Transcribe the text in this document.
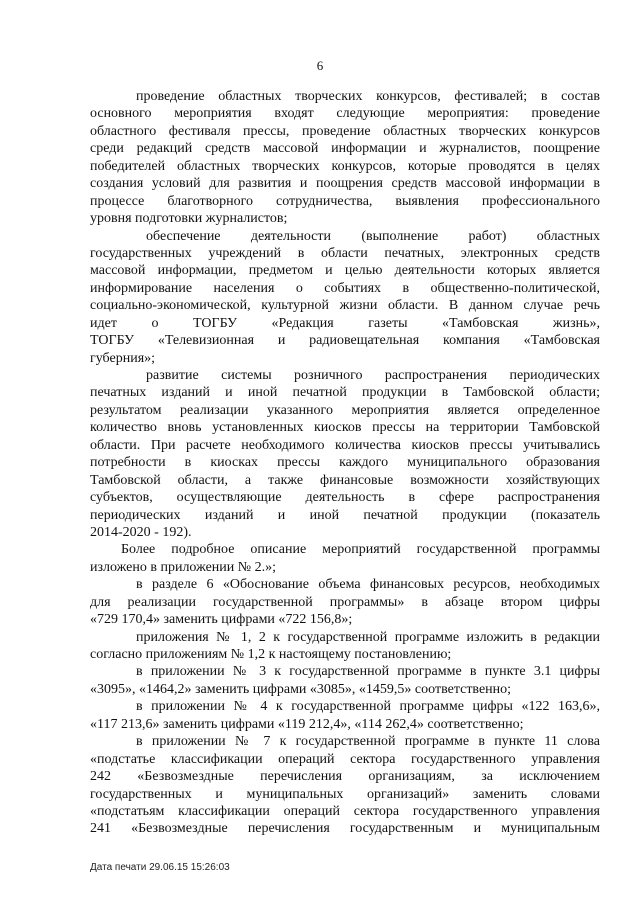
6
проведение областных творческих конкурсов, фестивалей; в состав
основного мероприятия входят следующие мероприятия: проведение
областного фестиваля прессы, проведение областных творческих конкурсов
среди редакций средств массовой информации и журналистов, поощрение
победителей областных творческих конкурсов, которые проводятся в целях
создания условий для развития и поощрения средств массовой информации в
процессе благотворного сотрудничества, выявления профессионального
уровня подготовки журналистов;
обеспечение деятельности (выполнение работ) областных
государственных учреждений в области печатных, электронных средств
массовой информации, предметом и целью деятельности которых является
информирование населения о событиях в общественно-политической,
социально-экономической, культурной жизни области. В данном случае речь
идет о ТОГБУ «Редакция газеты «Тамбовская жизнь»,
ТОГБУ «Телевизионная и радиовещательная компания «Тамбовская
губерния»;
развитие системы розничного распространения периодических
печатных изданий и иной печатной продукции в Тамбовской области;
результатом реализации указанного мероприятия является определенное
количество вновь установленных киосков прессы на территории Тамбовской
области. При расчете необходимого количества киосков прессы учитывались
потребности в киосках прессы каждого муниципального образования
Тамбовской области, а также финансовые возможности хозяйствующих
субъектов, осуществляющие деятельность в сфере распространения
периодических изданий и иной печатной продукции (показатель
2014-2020 - 192).
Более подробное описание мероприятий государственной программы
изложено в приложении № 2.»;
в разделе 6 «Обоснование объема финансовых ресурсов, необходимых
для реализации государственной программы» в абзаце втором цифры
«729 170,4» заменить цифрами «722 156,8»;
приложения № 1, 2 к государственной программе изложить в редакции
согласно приложениям № 1,2 к настоящему постановлению;
в приложении № 3 к государственной программе в пункте 3.1 цифры
«3095», «1464,2» заменить цифрами «3085», «1459,5» соответственно;
в приложении № 4 к государственной программе цифры «122 163,6»,
«117 213,6» заменить цифрами «119 212,4», «114 262,4» соответственно;
в приложении № 7 к государственной программе в пункте 11 слова
«подстатье классификации операций сектора государственного управления
242 «Безвозмездные перечисления организациям, за исключением
государственных и муниципальных организаций» заменить словами
«подстатьям классификации операций сектора государственного управления
241 «Безвозмездные перечисления государственным и муниципальным
Дата печати 29.06.15 15:26:03
